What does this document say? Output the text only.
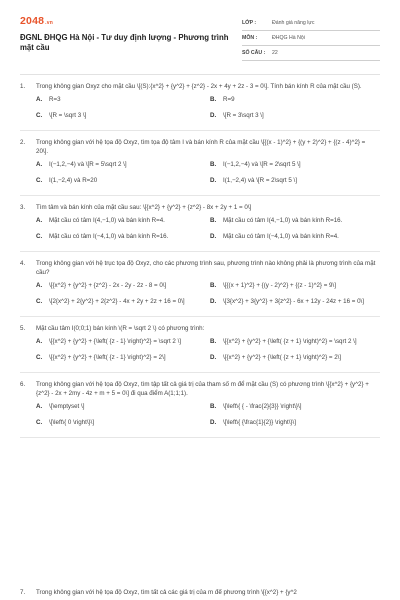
2048 .vn
ĐGNL ĐHQG Hà Nội - Tư duy định lượng - Phương trình mặt cầu
LỚP :	Đánh giá năng lực
MÔN :	ĐHQG Hà Nội
SỐ CÂU :	22
1.	Trong không gian Oxyz cho mặt cầu \[(S):{x^2} + {y^2} + {z^2} - 2x + 4y + 2z - 3 = 0\]. Tính bán kính R của mặt cầu (S).
A.	R=3	B.	R=9
C.	\[R = \sqrt 3 \]	D.	\[R = 3\sqrt 3 \]
2.	Trong không gian với hệ tọa độ Oxyz, tìm tọa độ tâm I và bán kính R của mặt cầu \[{(x - 1)^2} + {(y + 2)^2} + {(z - 4)^2} = 20\].
A.	I(−1,2,−4) và \[R = 5\sqrt 2 \]	B.	I(−1,2,−4) và \[R = 2\sqrt 5 \]
C.	I(1,−2,4) và R=20	D.	I(1,−2,4) và \[R = 2\sqrt 5 \]
3.	Tìm tâm và bán kính của mặt cầu sau: \[{x^2} + {y^2} + {z^2} - 8x + 2y + 1 = 0\]
A.	Mặt cầu có tâm I(4,−1,0) và bán kính R=4.	B.	Mặt cầu có tâm I(4,−1,0) và bán kính R=16.
C.	Mặt cầu có tâm I(−4,1,0) và bán kính R=16.	D.	Mặt cầu có tâm I(−4,1,0) và bán kính R=4.
4.	Trong không gian với hệ trục tọa độ Oxyz, cho các phương trình sau, phương trình nào không phải là phương trình của mặt cầu?
A.	\[{x^2} + {y^2} + {z^2} - 2x - 2y - 2z - 8 = 0\]	B.	\[{(x + 1)^2} + {(y - 2)^2} + {(z - 1)^2} = 9\]
C.	\[2{x^2} + 2{y^2} + 2{z^2} - 4x + 2y + 2z + 16 = 0\]	D.	\[3{x^2} + 3{y^2} + 3{z^2} - 6x + 12y - 24z + 16 = 0\]
5.	Mặt cầu tâm I(0;0;1) bán kính \(R = \sqrt 2 \) có phương trình:
A.	\[{x^2} + {y^2} + {\left( {z - 1} \right)^2} = \sqrt 2 \]	B.	\[{x^2} + {y^2} + {\left( {z + 1} \right)^2} = \sqrt 2 \]
C.	\[{x^2} + {y^2} + {\left( {z - 1} \right)^2} = 2\]	D.	\[{x^2} + {y^2} + {\left( {z + 1} \right)^2} = 2\]
6.	Trong không gian với hệ tọa độ Oxyz, tìm tập tất cả giá trị của tham số m để mặt cầu (S) có phương trình \[{x^2} + {y^2} + {z^2} - 2x + 2my - 4z + m + 5 = 0\] đi qua điểm A(1;1;1).
A.	\[\emptyset \]	B.	\[\left\{ { - \frac{2}{3}} \right\}\]
C.	\[\left\{ 0 \right\}\]	D.	\[\left\{ {\frac{1}{2}} \right\}\]
7.	Trong không gian với hệ tọa độ Oxyz, tìm tất cả các giá trị của m để phương trình \[{x^2} + {y^2
